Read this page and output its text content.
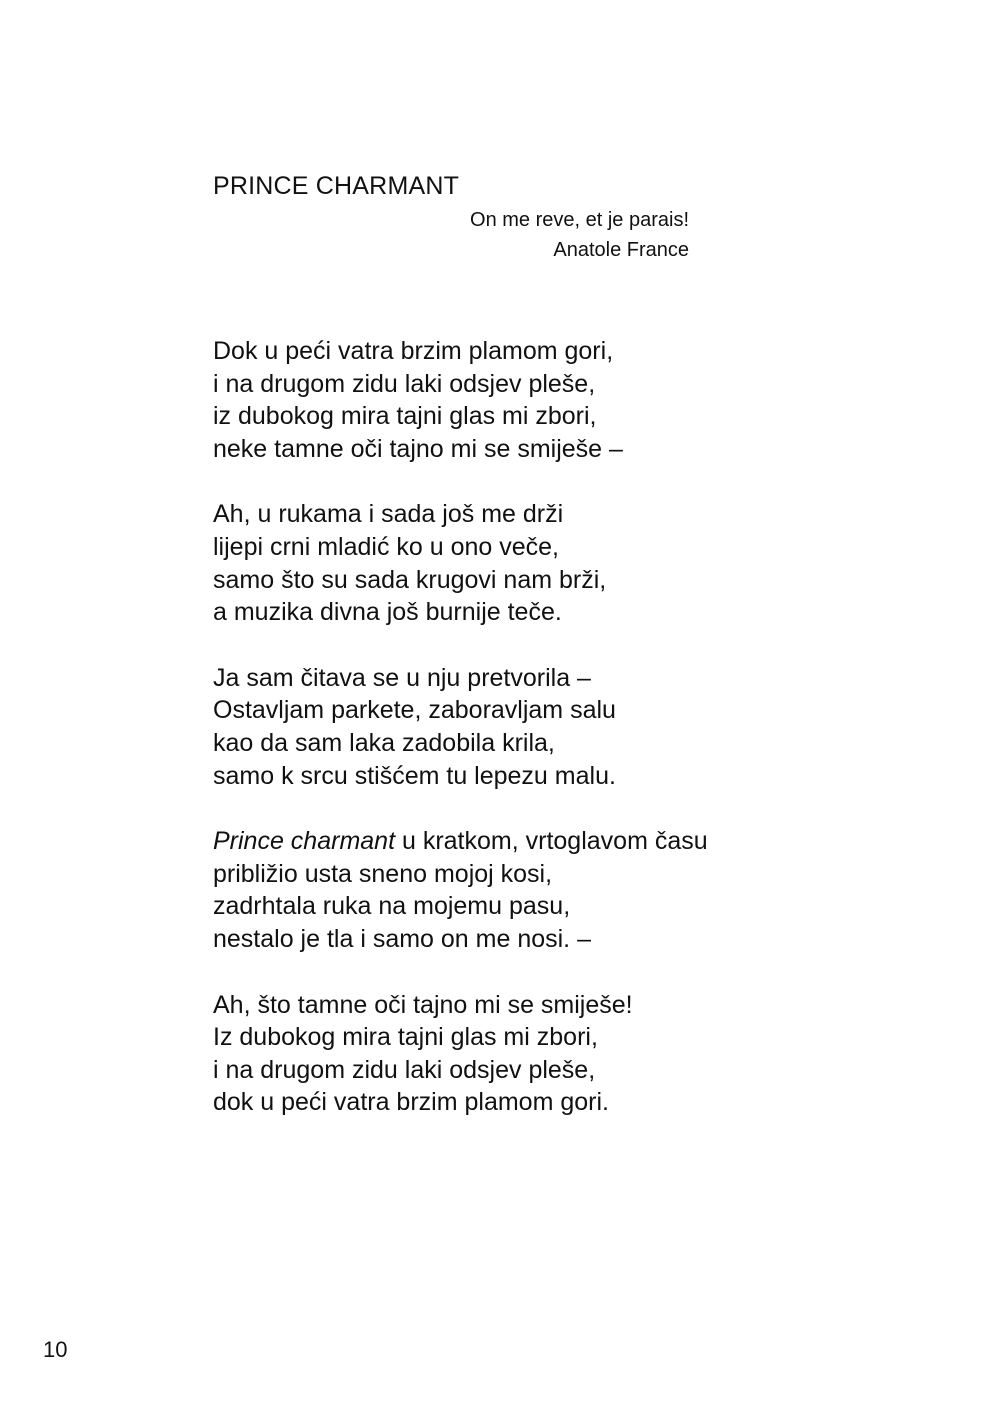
PRINCE CHARMANT
On me reve, et je parais!
Anatole France
Dok u peći vatra brzim plamom gori,
i na drugom zidu laki odsjev pleše,
iz dubokog mira tajni glas mi zbori,
neke tamne oči tajno mi se smiješe –
Ah, u rukama i sada još me drži
lijepi crni mladić ko u ono veče,
samo što su sada krugovi nam brži,
a muzika divna još burnije teče.
Ja sam čitava se u nju pretvorila –
Ostavljam parkete, zaboravljam salu
kao da sam laka zadobila krila,
samo k srcu stišćem tu lepezu malu.
Prince charmant u kratkom, vrtoglavom času
približio usta sneno mojoj kosi,
zadrhtala ruka na mojemu pasu,
nestalo je tla i samo on me nosi. –
Ah, što tamne oči tajno mi se smiješe!
Iz dubokog mira tajni glas mi zbori,
i na drugom zidu laki odsjev pleše,
dok u peći vatra brzim plamom gori.
10
